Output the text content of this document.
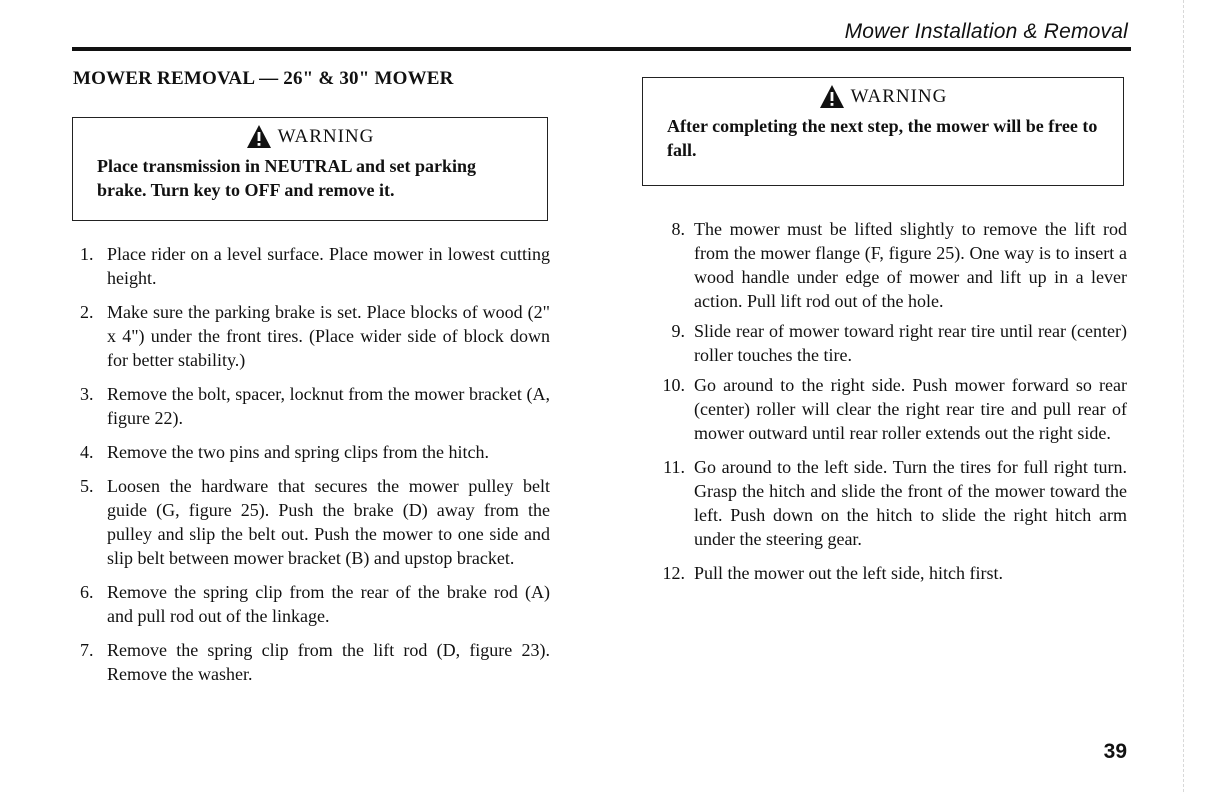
Mower Installation & Removal
MOWER REMOVAL — 26" & 30" MOWER
WARNING
Place transmission in NEUTRAL and set parking brake. Turn key to OFF and remove it.
1. Place rider on a level surface. Place mower in lowest cutting height.
2. Make sure the parking brake is set. Place blocks of wood (2" x 4") under the front tires. (Place wider side of block down for better stability.)
3. Remove the bolt, spacer, locknut from the mower bracket (A, figure 22).
4. Remove the two pins and spring clips from the hitch.
5. Loosen the hardware that secures the mower pulley belt guide (G, figure 25). Push the brake (D) away from the pulley and slip the belt out. Push the mower to one side and slip belt between mower bracket (B) and upstop bracket.
6. Remove the spring clip from the rear of the brake rod (A) and pull rod out of the linkage.
7. Remove the spring clip from the lift rod (D, figure 23). Remove the washer.
WARNING
After completing the next step, the mower will be free to fall.
8. The mower must be lifted slightly to remove the lift rod from the mower flange (F, figure 25). One way is to insert a wood handle under edge of mower and lift up in a lever action. Pull lift rod out of the hole.
9. Slide rear of mower toward right rear tire until rear (center) roller touches the tire.
10. Go around to the right side. Push mower forward so rear (center) roller will clear the right rear tire and pull rear of mower outward until rear roller extends out the right side.
11. Go around to the left side. Turn the tires for full right turn. Grasp the hitch and slide the front of the mower toward the left. Push down on the hitch to slide the right hitch arm under the steering gear.
12. Pull the mower out the left side, hitch first.
39
